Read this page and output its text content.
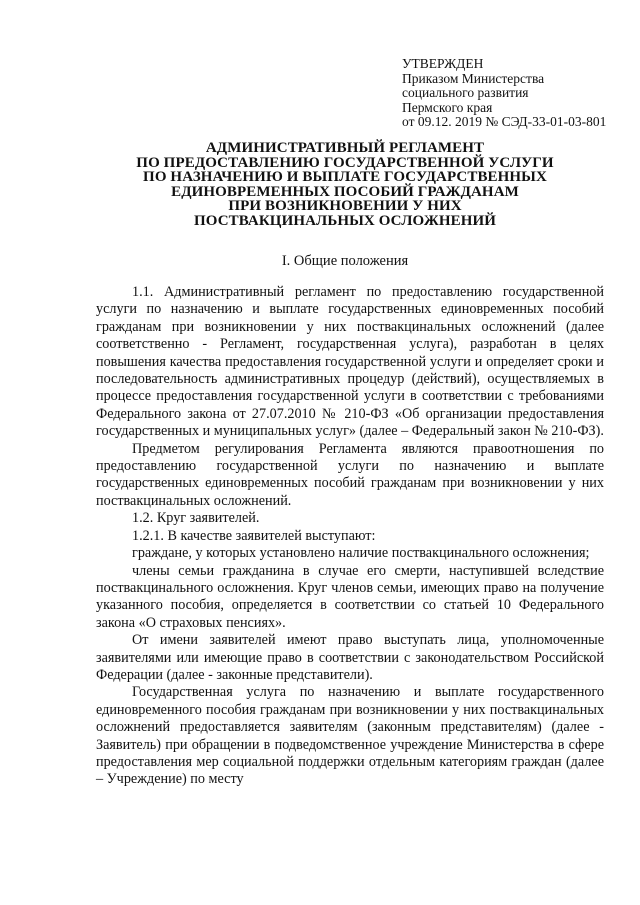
УТВЕРЖДЕН
Приказом Министерства
социального развития
Пермского края
от 09.12. 2019 № СЭД-33-01-03-801
АДМИНИСТРАТИВНЫЙ РЕГЛАМЕНТ
ПО ПРЕДОСТАВЛЕНИЮ ГОСУДАРСТВЕННОЙ УСЛУГИ
ПО НАЗНАЧЕНИЮ И ВЫПЛАТЕ ГОСУДАРСТВЕННЫХ
ЕДИНОВРЕМЕННЫХ ПОСОБИЙ ГРАЖДАНАМ
ПРИ ВОЗНИКНОВЕНИИ У НИХ
ПОСТВАКЦИНАЛЬНЫХ ОСЛОЖНЕНИЙ
I. Общие положения

1.1. Административный регламент по предоставлению государственной услуги по назначению и выплате государственных единовременных пособий гражданам при возникновении у них поствакцинальных осложнений (далее соответственно - Регламент, государственная услуга), разработан в целях повышения качества предоставления государственной услуги и определяет сроки и последовательность административных процедур (действий), осуществляемых в процессе предоставления государственной услуги в соответствии с требованиями Федерального закона от 27.07.2010 № 210-ФЗ «Об организации предоставления государственных и муниципальных услуг» (далее – Федеральный закон № 210-ФЗ).

Предметом регулирования Регламента являются правоотношения по предоставлению государственной услуги по назначению и выплате государственных единовременных пособий гражданам при возникновении у них поствакцинальных осложнений.

1.2. Круг заявителей.

1.2.1. В качестве заявителей выступают:

граждане, у которых установлено наличие поствакцинального осложнения;

члены семьи гражданина в случае его смерти, наступившей вследствие поствакцинального осложнения. Круг членов семьи, имеющих право на получение указанного пособия, определяется в соответствии со статьей 10 Федерального закона «О страховых пенсиях».

От имени заявителей имеют право выступать лица, уполномоченные заявителями или имеющие право в соответствии с законодательством Российской Федерации (далее - законные представители).

Государственная услуга по назначению и выплате государственного единовременного пособия гражданам при возникновении у них поствакцинальных осложнений предоставляется заявителям (законным представителям) (далее - Заявитель) при обращении в подведомственное учреждение Министерства в сфере предоставления мер социальной поддержки отдельным категориям граждан (далее – Учреждение) по месту
